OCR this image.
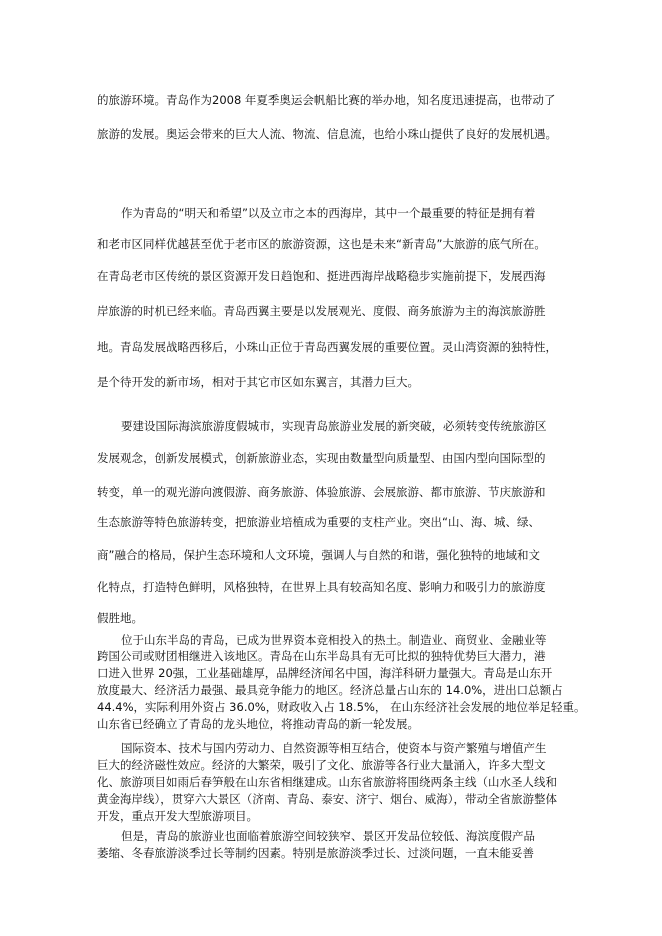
的旅游环境。青岛作为2008 年夏季奥运会帆船比赛的举办地，知名度迅速提高，也带动了
旅游的发展。奥运会带来的巨大人流、物流、信息流，也给小珠山提供了良好的发展机遇。
作为青岛的“明天和希望”以及立市之本的西海岸，其中一个最重要的特征是拥有着
和老市区同样优越甚至优于老市区的旅游资源，这也是未来“新青岛”大旅游的底气所在。
在青岛老市区传统的景区资源开发日趋饱和、挺进西海岸战略稳步实施前提下，发展西海
岸旅游的时机已经来临。青岛西翼主要是以发展观光、度假、商务旅游为主的海滨旅游胜
地。青岛发展战略西移后，小珠山正位于青岛西翼发展的重要位置。灵山湾资源的独特性，
是个待开发的新市场，相对于其它市区如东翼言，其潜力巨大。
要建设国际海滨旅游度假城市，实现青岛旅游业发展的新突破，必须转变传统旅游区
发展观念，创新发展模式，创新旅游业态，实现由数量型向质量型、由国内型向国际型的
转变，单一的观光游向渡假游、商务旅游、体验旅游、会展旅游、都市旅游、节庆旅游和
生态旅游等特色旅游转变，把旅游业培植成为重要的支柱产业。突出“山、海、城、绿、
商”融合的格局，保护生态环境和人文环境，强调人与自然的和谐，强化独特的地域和文
化特点，打造特色鲜明，风格独特，在世界上具有较高知名度、影响力和吸引力的旅游度
假胜地。
位于山东半岛的青岛，已成为世界资本竞相投入的热土。制造业、商贸业、金融业等
跨国公司或财团相继进入该地区。青岛在山东半岛具有无可比拟的独特优势巨大潜力，港
口进入世界 20强，工业基础雄厚，品牌经济闻名中国，海洋科研力量强大。青岛是山东开
放度最大、经济活力最强、最具竞争能力的地区。经济总量占山东的 14.0%，进出口总额占
44.4%，实际利用外资占 36.0%，财政收入占 18.5%， 在山东经济社会发展的地位举足轻重。
山东省已经确立了青岛的龙头地位，将推动青岛的新一轮发展。
国际资本、技术与国内劳动力、自然资源等相互结合，使资本与资产繁殖与增值产生
巨大的经济磁性效应。经济的大繁荣，吸引了文化、旅游等各行业大量涌入，许多大型文
化、旅游项目如雨后春笋般在山东省相继建成。山东省旅游将围绕两条主线（山水圣人线和
黄金海岸线），贯穿六大景区（济南、青岛、泰安、济宁、烟台、威海），带动全省旅游整体
开发，重点开发大型旅游项目。
但是，青岛的旅游业也面临着旅游空间较狭窄、景区开发品位较低、海滨度假产品
萎缩、冬春旅游淡季过长等制约因素。特别是旅游淡季过长、过淡问题，一直未能妥善
